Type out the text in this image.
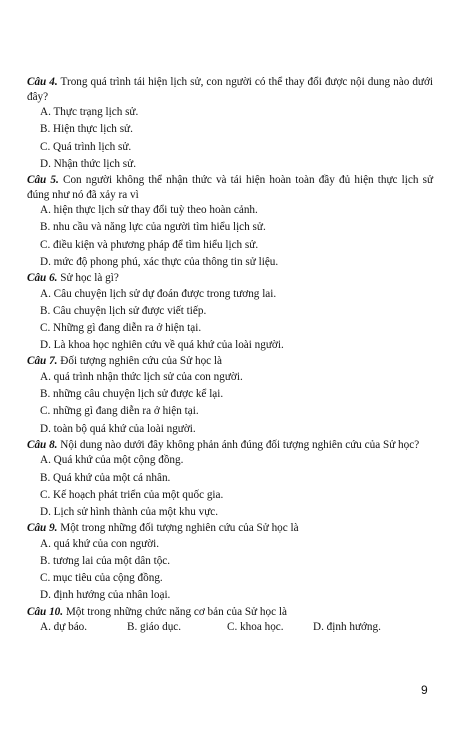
Câu 4. Trong quá trình tái hiện lịch sử, con người có thể thay đổi được nội dung nào dưới đây?
A. Thực trạng lịch sử.
B. Hiện thực lịch sử.
C. Quá trình lịch sử.
D. Nhận thức lịch sử.
Câu 5. Con người không thể nhận thức và tái hiện hoàn toàn đầy đủ hiện thực lịch sử đúng như nó đã xảy ra vì
A. hiện thực lịch sử thay đổi tuỳ theo hoàn cảnh.
B. nhu cầu và năng lực của người tìm hiểu lịch sử.
C. điều kiện và phương pháp để tìm hiểu lịch sử.
D. mức độ phong phú, xác thực của thông tin sử liệu.
Câu 6. Sử học là gì?
A. Câu chuyện lịch sử dự đoán được trong tương lai.
B. Câu chuyện lịch sử được viết tiếp.
C. Những gì đang diễn ra ở hiện tại.
D. Là khoa học nghiên cứu về quá khứ của loài người.
Câu 7. Đối tượng nghiên cứu của Sử học là
A. quá trình nhận thức lịch sử của con người.
B. những câu chuyện lịch sử được kể lại.
C. những gì đang diễn ra ở hiện tại.
D. toàn bộ quá khứ của loài người.
Câu 8. Nội dung nào dưới đây không phản ánh đúng đối tượng nghiên cứu của Sử học?
A. Quá khứ của một cộng đồng.
B. Quá khứ của một cá nhân.
C. Kế hoạch phát triển của một quốc gia.
D. Lịch sử hình thành của một khu vực.
Câu 9. Một trong những đối tượng nghiên cứu của Sử học là
A. quá khứ của con người.
B. tương lai của một dân tộc.
C. mục tiêu của cộng đồng.
D. định hướng của nhân loại.
Câu 10. Một trong những chức năng cơ bản của Sử học là
A. dự báo.	B. giáo dục.	C. khoa học.	D. định hướng.
9
